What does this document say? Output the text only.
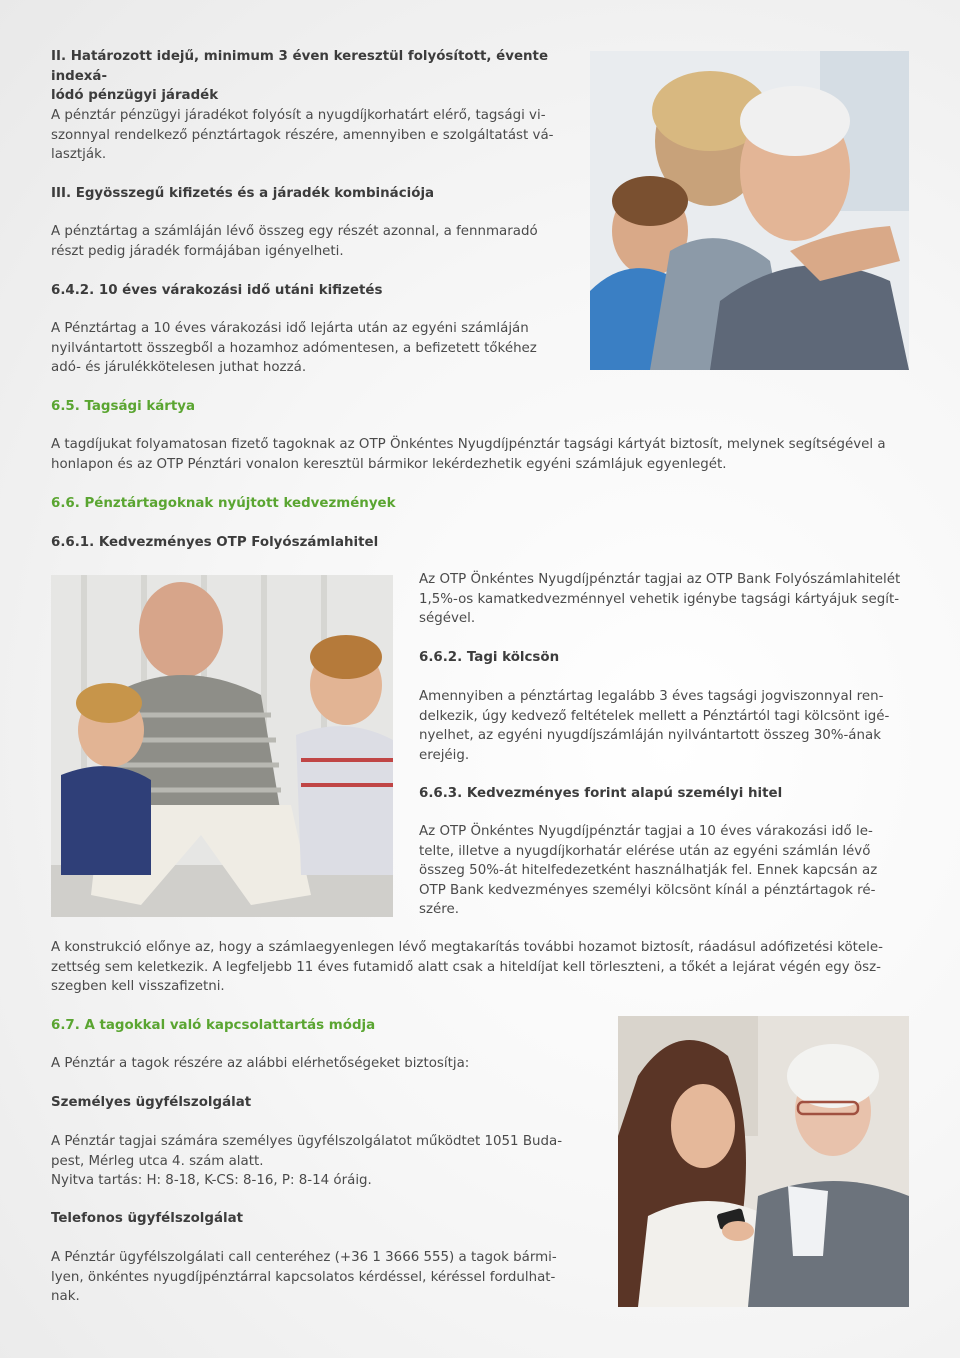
II. Határozott idejű, minimum 3 éven keresztül folyósított, évente indexá-
lódó pénzügyi járadék
A pénztár pénzügyi járadékot folyósít a nyugdíjkorhatárt elérő, tagsági vi-
szonnyal rendelkező pénztártagok részére, amennyiben e szolgáltatást vá-
lasztják.
III. Egyösszegű kifizetés és a járadék kombinációja
A pénztártag a számláján lévő összeg egy részét azonnal, a fennmaradó
részt pedig járadék formájában igényelheti.
6.4.2. 10 éves várakozási idő utáni kifizetés
A Pénztártag a 10 éves várakozási idő lejárta után az egyéni számláján
nyilvántartott összegből a hozamhoz adómentesen, a befizetett tőkéhez
adó- és járulékkötelesen juthat hozzá.
6.5. Tagsági kártya
A tagdíjukat folyamatosan fizető tagoknak az OTP Önkéntes Nyugdíjpénztár tagsági kártyát biztosít, melynek segítségével a
honlapon és az OTP Pénztári vonalon keresztül bármikor lekérdezhetik egyéni számlájuk egyenlegét.
6.6. Pénztártagoknak nyújtott kedvezmények
6.6.1. Kedvezményes OTP Folyószámlahitel
Az OTP Önkéntes Nyugdíjpénztár tagjai az OTP Bank Folyószámlahitelét
1,5%-os kamatkedvezménnyel vehetik igénybe tagsági kártyájuk segít-
ségével.
6.6.2. Tagi kölcsön
Amennyiben a pénztártag legalább 3 éves tagsági jogviszonnyal ren-
delkezik, úgy kedvező feltételek mellett a Pénztártól tagi kölcsönt igé-
nyelhet, az egyéni nyugdíjszámláján nyilvántartott összeg 30%-ának
erejéig.
6.6.3. Kedvezményes forint alapú személyi hitel
Az OTP Önkéntes Nyugdíjpénztár tagjai a 10 éves várakozási idő le-
telte, illetve a nyugdíjkorhatár elérése után az egyéni számlán lévő
összeg 50%-át hitelfedezetként használhatják fel. Ennek kapcsán az
OTP Bank kedvezményes személyi kölcsönt kínál a pénztártagok ré-
szére.
A konstrukció előnye az, hogy a számlaegyenlegen lévő megtakarítás további hozamot biztosít, ráadásul adófizetési kötele-
zettség sem keletkezik. A legfeljebb 11 éves futamidő alatt csak a hiteldíjat kell törleszteni, a tőkét a lejárat végén egy ösz-
szegben kell visszafizetni.
6.7. A tagokkal való kapcsolattartás módja
A Pénztár a tagok részére az alábbi elérhetőségeket biztosítja:
Személyes ügyfélszolgálat
A Pénztár tagjai számára személyes ügyfélszolgálatot működtet 1051 Buda-
pest, Mérleg utca 4. szám alatt.
Nyitva tartás: H: 8-18, K-CS: 8-16, P: 8-14 óráig.
Telefonos ügyfélszolgálat
A Pénztár ügyfélszolgálati call centeréhez (+36 1 3666 555) a tagok bármi-
lyen, önkéntes nyugdíjpénztárral kapcsolatos kérdéssel, kéréssel fordulhat-
nak.
